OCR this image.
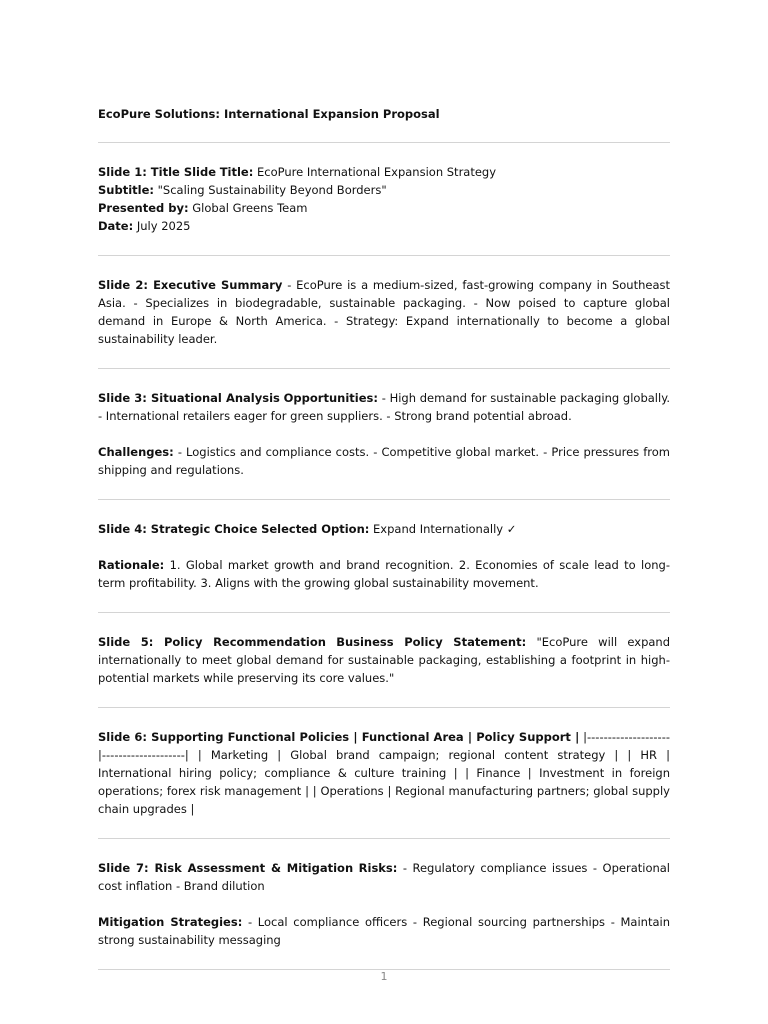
EcoPure Solutions: International Expansion Proposal
Slide 1: Title Slide Title: EcoPure International Expansion Strategy
Subtitle: "Scaling Sustainability Beyond Borders"
Presented by: Global Greens Team
Date: July 2025

Slide 2: Executive Summary - EcoPure is a medium-sized, fast-growing company in Southeast Asia. - Specializes in biodegradable, sustainable packaging. - Now poised to capture global demand in Europe & North America. - Strategy: Expand internationally to become a global sustainability leader.

Slide 3: Situational Analysis Opportunities: - High demand for sustainable packaging globally. - International retailers eager for green suppliers. - Strong brand potential abroad.

Challenges: - Logistics and compliance costs. - Competitive global market. - Price pressures from shipping and regulations.

Slide 4: Strategic Choice Selected Option: Expand Internationally ✓

Rationale: 1. Global market growth and brand recognition. 2. Economies of scale lead to long-term profitability. 3. Aligns with the growing global sustainability movement.

Slide 5: Policy Recommendation Business Policy Statement: "EcoPure will expand internationally to meet global demand for sustainable packaging, establishing a footprint in high-potential markets while preserving its core values."

Slide 6: Supporting Functional Policies | Functional Area | Policy Support | |--------------------|--------------------| | Marketing | Global brand campaign; regional content strategy | | HR | International hiring policy; compliance & culture training | | Finance | Investment in foreign operations; forex risk management | | Operations | Regional manufacturing partners; global supply chain upgrades |

Slide 7: Risk Assessment & Mitigation Risks: - Regulatory compliance issues - Operational cost inflation - Brand dilution

Mitigation Strategies: - Local compliance officers - Regional sourcing partnerships - Maintain strong sustainability messaging

1
